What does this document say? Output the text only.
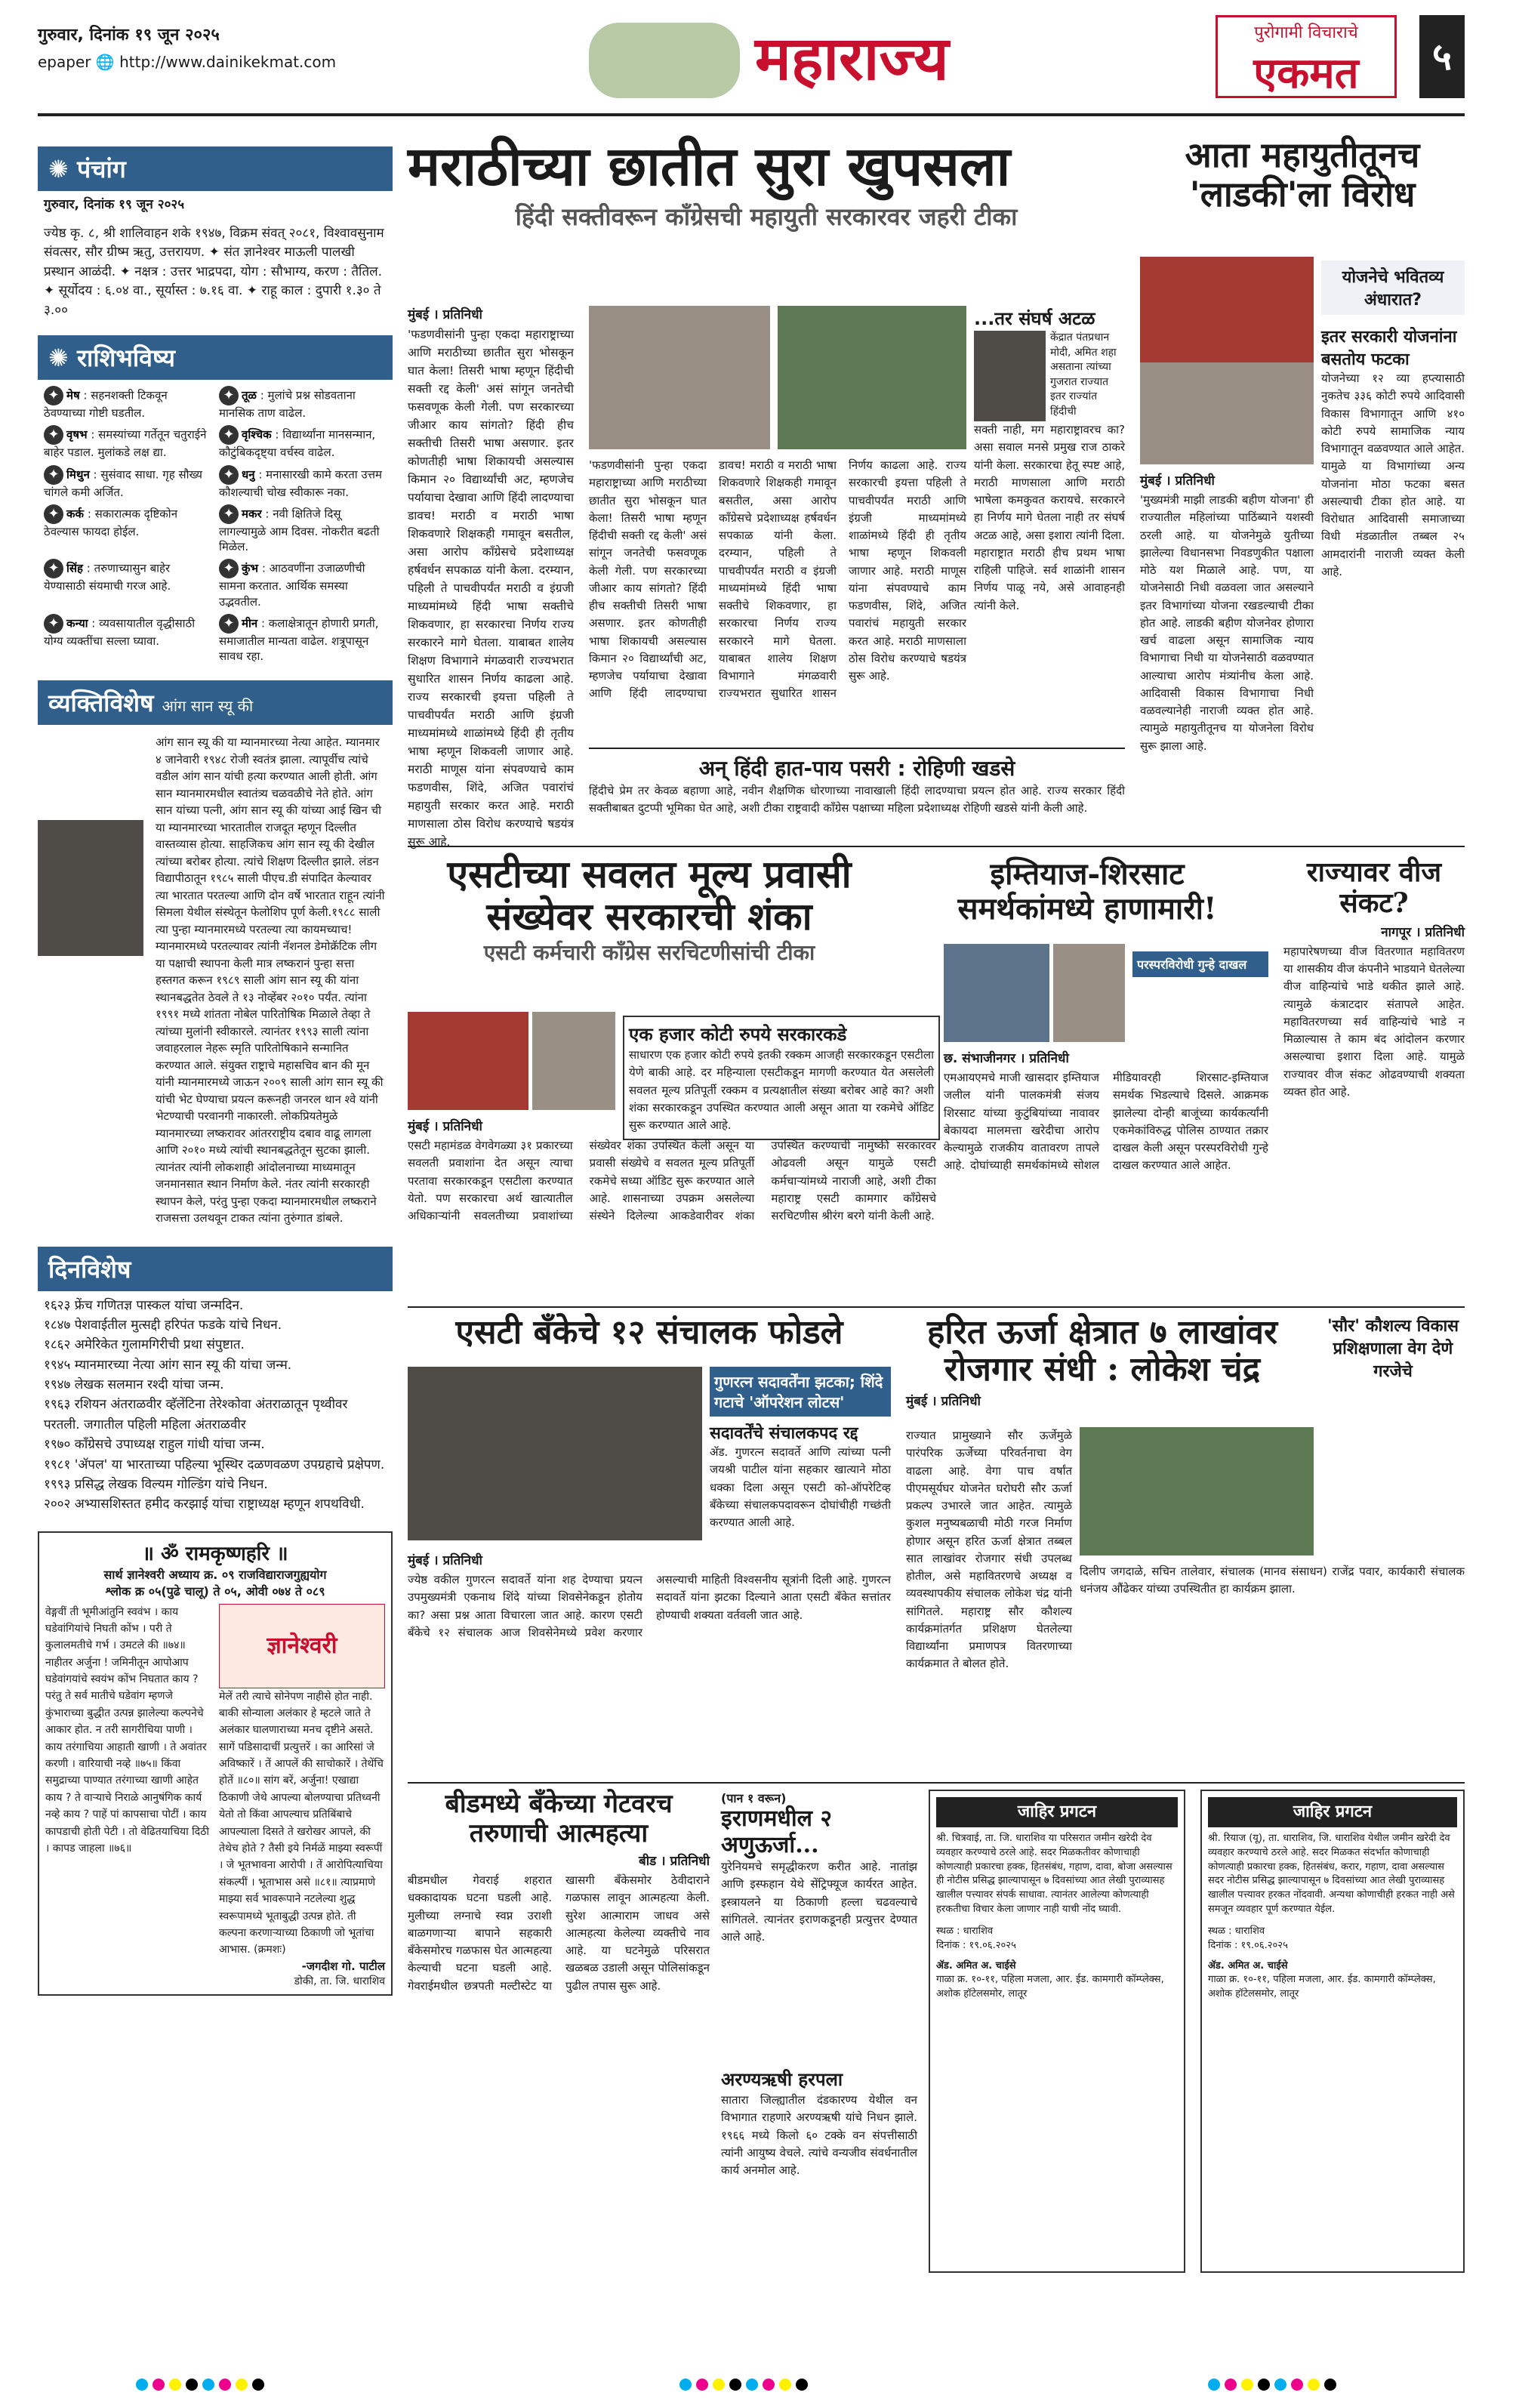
गुरुवार, दिनांक १९ जून २०२५
epaper 🌐 http://www.dainikekmat.com	महाराज्य	पुरोगामी विचाराचे
एकमत	५
✺ पंचांग
गुरुवार, दिनांक १९ जून २०२५
ज्येष्ठ कृ. ८, श्री शालिवाहन शके १९४७, विक्रम संवत् २०८१, विश्वावसुनाम संवत्सर, सौर ग्रीष्म ऋतु, उत्तरायण. ✦ संत ज्ञानेश्वर माऊली पालखी प्रस्थान आळंदी. ✦ नक्षत्र : उत्तर भाद्रपदा, योग : सौभाग्य, करण : तैतिल. ✦ सूर्योदय : ६.०४ वा., सूर्यास्त : ७.१६ वा. ✦ राहू काल : दुपारी १.३० ते ३.००
✺ राशिभविष्य
✦ मेष : सहनशक्ती टिकवून ठेवण्याच्या गोष्टी घडतील.
✦ तूळ : मुलांचे प्रश्न सोडवताना मानसिक ताण वाढेल.
✦ वृषभ : समस्यांच्या गर्तेतून चतुराईने बाहेर पडाल. मुलांकडे लक्ष द्या.
✦ वृश्चिक : विद्यार्थ्यांना मानसन्मान, कौटुंबिकदृष्ट्या वर्चस्व वाढेल.
✦ मिथुन : सुसंवाद साधा. गृह सौख्य चांगले कमी अर्जित.
✦ धनु : मनासारखी कामे करता उत्तम कौशल्याची चोख स्वीकारू नका.
✦ कर्क : सकारात्मक दृष्टिकोन ठेवल्यास फायदा होईल.
✦ मकर : नवी क्षितिजे दिसू लागल्यामुळे आम दिवस. नोकरीत बढती मिळेल.
✦ सिंह : तरुणाच्यासुन बाहेर येण्यासाठी संयमाची गरज आहे.
✦ कुंभ : आठवणींना उजाळणीची सामना करतात. आर्थिक समस्या उद्भवतील.
✦ कन्या : व्यवसायातील वृद्धीसाठी योग्य व्यक्तींचा सल्ला घ्यावा.
✦ मीन : कलाक्षेत्रातून होणारी प्रगती, समाजातील मान्यता वाढेल. शत्रूपासून सावध रहा.
व्यक्तिविशेष आंग सान स्यू की
आंग सान स्यू की या म्यानमारच्या नेत्या आहेत. म्यानमार ४ जानेवारी १९४८ रोजी स्वतंत्र झाला. त्यापूर्वीच त्यांचे वडील आंग सान यांची हत्या करण्यात आली होती. आंग सान म्यानमारमधील स्वातंत्र्य चळवळीचे नेते होते. आंग सान यांच्या पत्नी, आंग सान स्यू की यांच्या आई खिन ची या म्यानमारच्या भारतातील राजदूत म्हणून दिल्लीत वास्तव्यास होत्या. साहजिकच आंग सान स्यू की देखील त्यांच्या बरोबर होत्या. त्यांचे शिक्षण दिल्लीत झाले. लंडन विद्यापीठातून १९८५ साली पीएच.डी संपादित केल्यावर त्या भारतात परतल्या आणि दोन वर्षे भारतात राहून त्यांनी सिमला येथील संस्थेतून फेलोशिप पूर्ण केली.१९८८ साली त्या पुन्हा म्यानमारमध्ये परतल्या त्या कायमच्याच! म्यानमारमध्ये परतल्यावर त्यांनी नॅशनल डेमोक्रॅटिक लीग या पक्षाची स्थापना केली मात्र लष्करानं पुन्हा सत्ता हस्तगत करून १९८९ साली आंग सान स्यू की यांना स्थानबद्धतेत ठेवले ते १३ नोव्हेंबर २०१० पर्यंत. त्यांना १९९१ मध्ये शांतता नोबेल पारितोषिक मिळाले तेव्हा ते त्यांच्या मुलांनी स्वीकारले. त्यानंतर १९९३ साली त्यांना जवाहरलाल नेहरू स्मृति पारितोषिकाने सन्मानित करण्यात आले. संयुक्त राष्ट्राचे महासचिव बान की मून यांनी म्यानमारमध्ये जाऊन २००९ साली आंग सान स्यू की यांची भेट घेण्याचा प्रयत्न करूनही जनरल थान श्वे यांनी भेटण्याची परवानगी नाकारली. लोकप्रियतेमुळे म्यानमारच्या लष्करावर आंतरराष्ट्रीय दबाव वाढू लागला आणि २०१० मध्ये त्यांची स्थानबद्धतेतून सुटका झाली. त्यानंतर त्यांनी लोकशाही आंदोलनाच्या माध्यमातून जनमानसात स्थान निर्माण केले. नंतर त्यांनी सरकारही स्थापन केले, परंतु पुन्हा एकदा म्यानमारमधील लष्कराने राजसत्ता उलथवून टाकत त्यांना तुरुंगात डांबले.
दिनविशेष
१६२३ फ्रेंच गणितज्ञ पास्कल यांचा जन्मदिन.
१८४७ पेशवाईतील मुत्सद्दी हरिपंत फडके यांचे निधन.
१८६२ अमेरिकेत गुलामगिरीची प्रथा संपुष्टात.
१९४५ म्यानमारच्या नेत्या आंग सान स्यू की यांचा जन्म.
१९४७ लेखक सलमान रश्दी यांचा जन्म.
१९६३ रशियन अंतराळवीर व्हॅलेंटिना तेरेश्कोवा अंतराळातून पृथ्वीवर परतली. जगातील पहिली महिला अंतराळवीर
१९७० काँग्रेसचे उपाध्यक्ष राहुल गांधी यांचा जन्म.
१९८१ 'ॲपल' या भारताच्या पहिल्या भूस्थिर दळणवळण उपग्रहाचे प्रक्षेपण.
१९९३ प्रसिद्ध लेखक विल्यम गोल्डिंग यांचे निधन.
२००२ अभ्यासशिस्तत हमीद करझाई यांचा राष्ट्राध्यक्ष म्हणून शपथविधी.
॥ ॐ रामकृष्णहरि ॥
सार्थ ज्ञानेश्वरी अध्याय क्र. ०९ राजविद्याराजगुह्ययोग
श्लोक क्र ०५(पुढे चालू) ते ०५, ओवी ०७४ ते ०८९
वेङ्गवीं ती भूमीआंतुनि स्ववंभ । काय घडेवांगियांचे निघती कोंभ । परी ते कुलालमतीचे गर्भ । उमटले की ॥७४॥ नाहीतर अर्जुना ! जमिनीतून आपोआप घडेवांगयांचे स्वयंभ कोंभ निघतात काय ? परंतु ते सर्व मातीचे घडेवांग म्हणजे कुंभाराच्या बुद्धीत उत्पन्न झालेल्या कल्पनेचे आकार होत. न तरी सागरीचिया पाणी । काय तरंगाचिया आहाती खाणी । ते अवांतर करणी । वारियाची नव्हे ॥७५॥ किंवा समुद्राच्या पाण्यात तरंगाच्या खाणी आहेत काय ? ते वाऱ्याचे निराळे आनुषंगिक कार्य नव्हे काय ? पाहें पां कापसाचा पोटीं । काय कापडाची होती पेटी । तो वेढितयाचिया दिठी । कापड जाहला ॥७६॥
ज्ञानेश्वरी
मेलें तरी त्याचे सोनेपण नाहीसे होत नाही. बाकी सोन्याला अलंकार हे म्हटले जाते ते अलंकार घालणाराच्या मनच दृष्टीने असते. सागें पडिसादाचीं प्रत्युत्तरें । का आरिसां जे अविष्कारें । तें आपलें की साचोकारें । तेथेंचि होतें ॥८०॥ सांग बरें, अर्जुना! एखाद्या ठिकाणी जेथे आपल्या बोलण्याचा प्रतिध्वनी येतो तो किंवा आपल्याच प्रतिबिंबाचे आपल्याला दिसते ते खरोखर आपले, की तेथेच होते ? तैसी इये निर्मळें माझ्या स्वरूपीं । जे भूतभावना आरोपी । तें आरोपित्याचिया संकल्पीं । भूताभास असे ॥८१॥ त्याप्रमाणे माझ्या सर्व भावरूपाने नटलेल्या शुद्ध स्वरूपामध्ये भूताबुद्धी उत्पन्न होते. ती कल्पना करणाऱ्याच्या ठिकाणी जो भूतांचा आभास. (क्रमशः)
-जगदीश गो. पाटील
डोकी, ता. जि. धाराशिव
मराठीच्या छातीत सुरा खुपसला
हिंदी सक्तीवरून काँग्रेसची महायुती सरकारवर जहरी टीका
मुंबई । प्रतिनिधी
'फडणवीसांनी पुन्हा एकदा महाराष्ट्राच्या आणि मराठीच्या छातीत सुरा भोसकून घात केला! तिसरी भाषा म्हणून हिंदीची सक्ती रद्द केली' असं सांगून जनतेची फसवणूक केली गेली. पण सरकारच्या जीआर काय सांगतो? हिंदी हीच सक्तीची तिसरी भाषा असणार. इतर कोणतीही भाषा शिकायची असल्यास किमान २० विद्यार्थ्यांची अट, म्हणजेच पर्यायाचा देखावा आणि हिंदी लादण्याचा डावच! मराठी व मराठी भाषा शिकवणारे शिक्षकही गमावून बसतील, असा आरोप काँग्रेसचे प्रदेशाध्यक्ष हर्षवर्धन सपकाळ यांनी केला. दरम्यान, पहिली ते पाचवीपर्यंत मराठी व इंग्रजी माध्यमांमध्ये हिंदी भाषा सक्तीचे शिकवणार, हा सरकारचा निर्णय राज्य सरकारने मागे घेतला. याबाबत शालेय शिक्षण विभागाने मंगळवारी राज्यभरात सुधारित शासन निर्णय काढला आहे. राज्य सरकारची इयत्ता पहिली ते पाचवीपर्यंत मराठी आणि इंग्रजी माध्यमांमध्ये शाळांमध्ये हिंदी ही तृतीय भाषा म्हणून शिकवली जाणार आहे. मराठी माणूस यांना संपवण्याचे काम फडणवीस, शिंदे, अजित पवारांचं महायुती सरकार करत आहे. मराठी माणसाला ठोस विरोध करण्याचे षडयंत्र सुरू आहे.
'फडणवीसांनी पुन्हा एकदा महाराष्ट्राच्या आणि मराठीच्या छातीत सुरा भोसकून घात केला! तिसरी भाषा म्हणून हिंदीची सक्ती रद्द केली' असं सांगून जनतेची फसवणूक केली गेली. पण सरकारच्या जीआर काय सांगतो? हिंदी हीच सक्तीची तिसरी भाषा असणार. इतर कोणतीही भाषा शिकायची असल्यास किमान २० विद्यार्थ्यांची अट, म्हणजेच पर्यायाचा देखावा आणि हिंदी लादण्याचा डावच! मराठी व मराठी भाषा शिकवणारे शिक्षकही गमावून बसतील, असा आरोप काँग्रेसचे प्रदेशाध्यक्ष हर्षवर्धन सपकाळ यांनी केला. दरम्यान, पहिली ते पाचवीपर्यंत मराठी व इंग्रजी माध्यमांमध्ये हिंदी भाषा सक्तीचे शिकवणार, हा सरकारचा निर्णय राज्य सरकारने मागे घेतला. याबाबत शालेय शिक्षण विभागाने मंगळवारी राज्यभरात सुधारित शासन निर्णय काढला आहे. राज्य सरकारची इयत्ता पहिली ते पाचवीपर्यंत मराठी आणि इंग्रजी माध्यमांमध्ये शाळांमध्ये हिंदी ही तृतीय भाषा म्हणून शिकवली जाणार आहे. मराठी माणूस यांना संपवण्याचे काम फडणवीस, शिंदे, अजित पवारांचं महायुती सरकार करत आहे. मराठी माणसाला ठोस विरोध करण्याचे षडयंत्र सुरू आहे.
...तर संघर्ष अटळ
केंद्रात पंतप्रधान मोदी, अमित शहा असताना त्यांच्या गुजरात राज्यात इतर राज्यांत हिंदीची
सक्ती नाही, मग महाराष्ट्रावरच का? असा सवाल मनसे प्रमुख राज ठाकरे यांनी केला. सरकारचा हेतू स्पष्ट आहे, मराठी माणसाला आणि मराठी भाषेला कमकुवत करायचे. सरकारने हा निर्णय मागे घेतला नाही तर संघर्ष अटळ आहे, असा इशारा त्यांनी दिला. महाराष्ट्रात मराठी हीच प्रथम भाषा राहिली पाहिजे. सर्व शाळांनी शासन निर्णय पाळू नये, असे आवाहनही त्यांनी केले.
अन् हिंदी हात-पाय पसरी : रोहिणी खडसे
हिंदीचे प्रेम तर केवळ बहाणा आहे, नवीन शैक्षणिक धोरणाच्या नावाखाली हिंदी लादण्याचा प्रयत्न होत आहे. राज्य सरकार हिंदी सक्तीबाबत दुटप्पी भूमिका घेत आहे, अशी टीका राष्ट्रवादी काँग्रेस पक्षाच्या महिला प्रदेशाध्यक्ष रोहिणी खडसे यांनी केली आहे.
आता महायुतीतूनच 'लाडकी'ला विरोध
योजनेचे भवितव्य अंधारात?
मुंबई । प्रतिनिधी
'मुख्यमंत्री माझी लाडकी बहीण योजना' ही राज्यातील महिलांच्या पाठिंब्याने यशस्वी ठरली आहे. या योजनेमुळे युतीच्या झालेल्या विधानसभा निवडणुकीत पक्षाला मोठे यश मिळाले आहे. पण, या योजनेसाठी निधी वळवला जात असल्याने इतर विभागांच्या योजना रखडल्याची टीका होत आहे. लाडकी बहीण योजनेवर होणारा खर्च वाढला असून सामाजिक न्याय विभागाचा निधी या योजनेसाठी वळवण्यात आल्याचा आरोप मंत्र्यांनीच केला आहे. आदिवासी विकास विभागाचा निधी वळवल्यानेही नाराजी व्यक्त होत आहे. त्यामुळे महायुतीतूनच या योजनेला विरोध सुरू झाला आहे.
इतर सरकारी योजनांना बसतोय फटका
योजनेच्या १२ व्या हप्त्यासाठी नुकतेच ३३६ कोटी रुपये आदिवासी विकास विभागातून आणि ४१० कोटी रुपये सामाजिक न्याय विभागातून वळवण्यात आले आहेत. यामुळे या विभागांच्या अन्य योजनांना मोठा फटका बसत असल्याची टीका होत आहे. या विरोधात आदिवासी समाजाच्या विधी मंडळातील तब्बल २५ आमदारांनी नाराजी व्यक्त केली आहे.
एसटीच्या सवलत मूल्य प्रवासी संख्येवर सरकारची शंका
एसटी कर्मचारी काँग्रेस सरचिटणीसांची टीका
एक हजार कोटी रुपये सरकारकडे
साधारण एक हजार कोटी रुपये इतकी रक्कम आजही सरकारकडून एसटीला येणे बाकी आहे. दर महिन्याला एसटीकडून मागणी करण्यात येत असलेली सवलत मूल्य प्रतिपूर्ती रक्कम व प्रत्यक्षातील संख्या बरोबर आहे का? अशी शंका सरकारकडून उपस्थित करण्यात आली असून आता या रकमेचे ऑडिट सुरू करण्यात आले आहे.
मुंबई । प्रतिनिधी
एसटी महामंडळ वेगवेगळ्या ३१ प्रकारच्या सवलती प्रवाशांना देत असून त्याचा परतावा सरकारकडून एसटीला करण्यात येतो. पण सरकारचा अर्थ खात्यातील अधिकाऱ्यांनी सवलतीच्या प्रवाशांच्या संख्येवर शंका उपस्थित केली असून या प्रवासी संख्येचे व सवलत मूल्य प्रतिपूर्ती रकमेचे सध्या ऑडिट सुरू करण्यात आले आहे. शासनाच्या उपक्रम असलेल्या संस्थेने दिलेल्या आकडेवारीवर शंका उपस्थित करण्याची नामुष्की सरकारवर ओढवली असून यामुळे एसटी कर्मचाऱ्यांमध्ये नाराजी आहे, अशी टीका महाराष्ट्र एसटी कामगार काँग्रेसचे सरचिटणीस श्रीरंग बरगे यांनी केली आहे.
इम्तियाज-शिरसाट समर्थकांमध्ये हाणामारी!
परस्परविरोधी गुन्हे दाखल
छ. संभाजीनगर । प्रतिनिधी
एमआयएमचे माजी खासदार इम्तियाज जलील यांनी पालकमंत्री संजय शिरसाट यांच्या कुटुंबियांच्या नावावर बेकायदा मालमत्ता खरेदीचा आरोप केल्यामुळे राजकीय वातावरण तापले आहे. दोघांच्याही समर्थकांमध्ये सोशल मीडियावरही शिरसाट-इम्तियाज समर्थक भिडल्याचे दिसले. आक्रमक झालेल्या दोन्ही बाजूंच्या कार्यकर्त्यांनी एकमेकांविरुद्ध पोलिस ठाण्यात तक्रार दाखल केली असून परस्परविरोधी गुन्हे दाखल करण्यात आले आहेत.
राज्यावर वीज संकट?
नागपूर । प्रतिनिधी
महापारेषणच्या वीज वितरणात महावितरण या शासकीय वीज कंपनीने भाडयाने घेतलेल्या वीज वाहिन्यांचे भाडे थकीत झाले आहे. त्यामुळे कंत्राटदार संतापले आहेत. महावितरणच्या सर्व वाहिन्यांचे भाडे न मिळाल्यास ते काम बंद आंदोलन करणार असल्याचा इशारा दिला आहे. यामुळे राज्यावर वीज संकट ओढवण्याची शक्यता व्यक्त होत आहे.
एसटी बँकेचे १२ संचालक फोडले
गुणरत्न सदावर्तेंना झटका; शिंदे गटाचे 'ऑपरेशन लोटस'
सदावर्तेंचे संचालकपद रद्द
ॲड. गुणरत्न सदावर्ते आणि त्यांच्या पत्नी जयश्री पाटील यांना सहकार खात्याने मोठा धक्का दिला असून एसटी को-ऑपरेटिव्ह बँकेच्या संचालकपदावरून दोघांचीही गच्छंती करण्यात आली आहे.
मुंबई । प्रतिनिधी
ज्येष्ठ वकील गुणरत्न सदावर्ते यांना शह देण्याचा प्रयत्न उपमुख्यमंत्री एकनाथ शिंदे यांच्या शिवसेनेकडून होतोय का? असा प्रश्न आता विचारला जात आहे. कारण एसटी बँकेचे १२ संचालक आज शिवसेनेमध्ये प्रवेश करणार असल्याची माहिती विश्वसनीय सूत्रांनी दिली आहे. गुणरत्न सदावर्ते यांना झटका दिल्याने आता एसटी बँकेत सत्तांतर होण्याची शक्यता वर्तवली जात आहे.
हरित ऊर्जा क्षेत्रात ७ लाखांवर रोजगार संधी : लोकेश चंद्र
मुंबई । प्रतिनिधी
राज्यात प्रामुख्याने सौर ऊर्जेमुळे पारंपरिक ऊर्जेच्या परिवर्तनाचा वेग वाढला आहे. वेगा पाच वर्षांत पीएमसूर्यघर योजनेत घरोघरी सौर ऊर्जा प्रकल्प उभारले जात आहेत. त्यामुळे कुशल मनुष्यबळाची मोठी गरज निर्माण होणार असून हरित ऊर्जा क्षेत्रात तब्बल सात लाखांवर रोजगार संधी उपलब्ध होतील, असे महावितरणचे अध्यक्ष व व्यवस्थापकीय संचालक लोकेश चंद्र यांनी सांगितले. महाराष्ट्र सौर कौशल्य कार्यक्रमांतर्गत प्रशिक्षण घेतलेल्या विद्यार्थ्यांना प्रमाणपत्र वितरणाच्या कार्यक्रमात ते बोलत होते.
'सौर' कौशल्य विकास प्रशिक्षणाला वेग देणे गरजेचे
दिलीप जगदाळे, सचिन तालेवार, संचालक (मानव संसाधन) राजेंद्र पवार, कार्यकारी संचालक धनंजय औंढेकर यांच्या उपस्थितीत हा कार्यक्रम झाला.
बीडमध्ये बँकेच्या गेटवरच तरुणाची आत्महत्या
बीड । प्रतिनिधी
बीडमधील गेवराई शहरात धक्कादायक घटना घडली आहे. मुलीच्या लग्नाचे स्वप्न उराशी बाळगणाऱ्या बापाने सहकारी बँकेसमोरच गळफास घेत आत्महत्या केल्याची घटना घडली आहे. गेवराईमधील छत्रपती मल्टीस्टेट या खासगी बँकेसमोर ठेवीदाराने गळफास लावून आत्महत्या केली. सुरेश आत्माराम जाधव असे आत्महत्या केलेल्या व्यक्तीचे नाव आहे. या घटनेमुळे परिसरात खळबळ उडाली असून पोलिसांकडून पुढील तपास सुरू आहे.
(पान १ वरून)
इराणमधील २ अणुऊर्जा...
युरेनियमचे समृद्धीकरण करीत आहे. नातांझ आणि इस्फहान येथे सेंट्रिफ्यूज कार्यरत आहेत. इस्त्रायलने या ठिकाणी हल्ला चढवल्याचे सांगितले. त्यानंतर इराणकडूनही प्रत्युत्तर देण्यात आले आहे.
अरण्यऋषी हरपला
सातारा जिल्ह्यातील दंडकारण्य येथील वन विभागात राहणारे अरण्यऋषी यांचे निधन झाले. १९६६ मध्ये किलो ६० टक्के वन संपत्तीसाठी त्यांनी आयुष्य वेचले. त्यांचे वन्यजीव संवर्धनातील कार्य अनमोल आहे.
जाहिर प्रगटन
श्री. चित्रवाई, ता. जि. धाराशिव या परिसरात जमीन खरेदी देव व्यवहार करण्याचे ठरले आहे. सदर मिळकतीवर कोणाचाही कोणत्याही प्रकारचा हक्क, हितसंबंध, गहाण, दावा, बोजा असल्यास ही नोटीस प्रसिद्ध झाल्यापासून ७ दिवसांच्या आत लेखी पुराव्यासह खालील पत्त्यावर संपर्क साधावा. त्यानंतर आलेल्या कोणत्याही हरकतीचा विचार केला जाणार नाही याची नोंद घ्यावी.
स्थळ : धाराशिव
दिनांक : १९.०६.२०२५
ॲड. अमित अ. चाईसे
गाळा क्र. १०-११, पहिला मजला, आर. ईड. कामगारी कॉम्प्लेक्स, अशोक हॉटेलसमोर, लातूर
जाहिर प्रगटन
श्री. रियाज (यू), ता. धाराशिव, जि. धाराशिव येथील जमीन खरेदी देव व्यवहार करण्याचे ठरले आहे. सदर मिळकत संदर्भात कोणाचाही कोणत्याही प्रकारचा हक्क, हितसंबंध, करार, गहाण, दावा असल्यास सदर नोटीस प्रसिद्ध झाल्यापासून ७ दिवसांच्या आत लेखी पुराव्यासह खालील पत्त्यावर हरकत नोंदवावी. अन्यथा कोणाचीही हरकत नाही असे समजून व्यवहार पूर्ण करण्यात येईल.
स्थळ : धाराशिव
दिनांक : १९.०६.२०२५
ॲड. अमित अ. चाईसे
गाळा क्र. १०-११, पहिला मजला, आर. ईड. कामगारी कॉम्प्लेक्स, अशोक हॉटेलसमोर, लातूर
